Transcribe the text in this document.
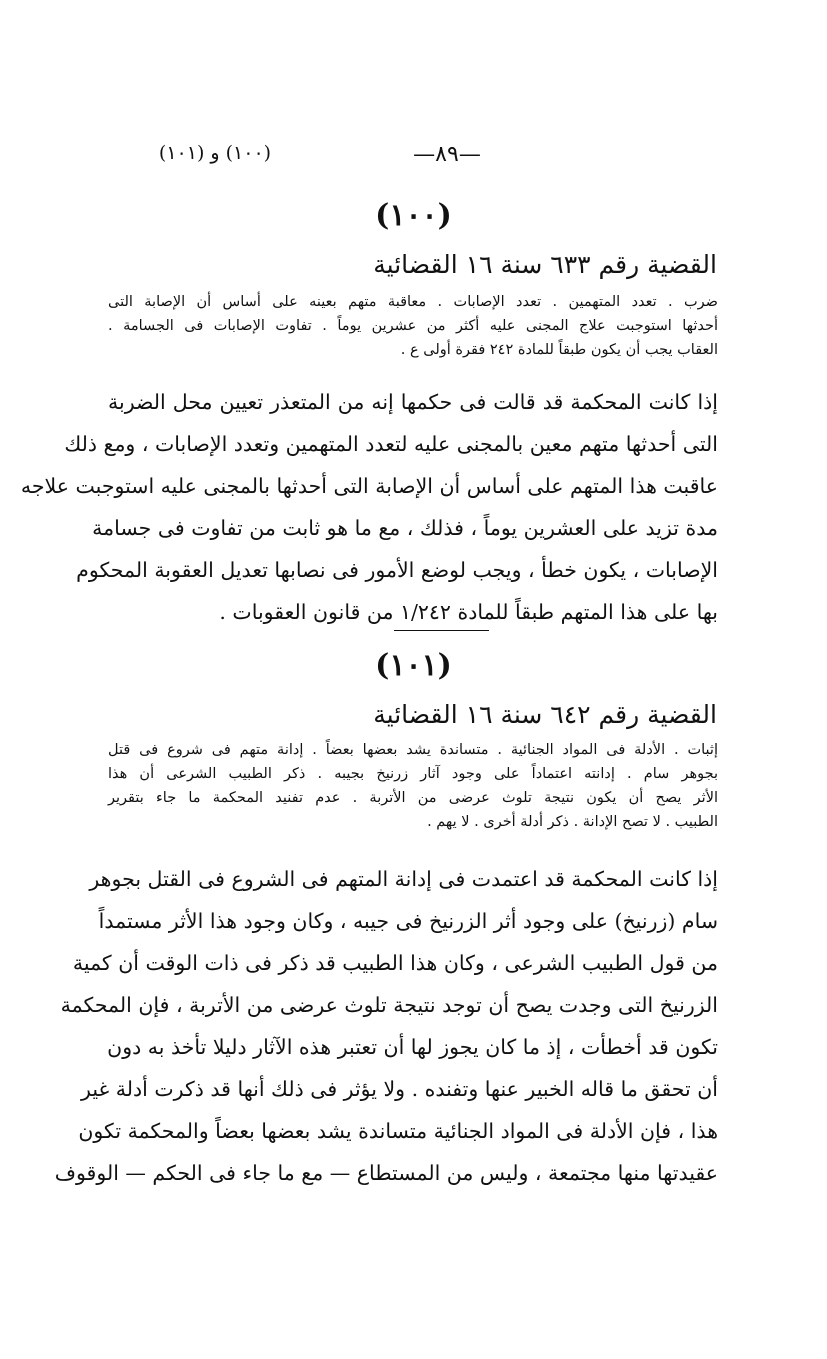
(١٠٠) و (١٠١)	—٨٩—
(١٠٠)
القضية رقم ٦٣٣ سنة ١٦ القضائية
ضرب . تعدد المتهمين . تعدد الإصابات . معاقبة متهم بعينه على أساس أن الإصابة التى
أحدثها استوجبت علاج المجنى عليه أكثر من عشرين يوماً . تفاوت الإصابات فى الجسامة .
العقاب يجب أن يكون طبقاً للمادة ٢٤٢ فقرة أولى ع .
إذا كانت المحكمة قد قالت فى حكمها إنه من المتعذر تعيين محل الضربة
التى أحدثها متهم معين بالمجنى عليه لتعدد المتهمين وتعدد الإصابات ، ومع ذلك
عاقبت هذا المتهم على أساس أن الإصابة التى أحدثها بالمجنى عليه استوجبت علاجه
مدة تزيد على العشرين يوماً ، فذلك ، مع ما هو ثابت من تفاوت فى جسامة
الإصابات ، يكون خطأ ، ويجب لوضع الأمور فى نصابها تعديل العقوبة المحكوم
بها على هذا المتهم طبقاً للمادة ١/٢٤٢ من قانون العقوبات .
(١٠١)
القضية رقم ٦٤٢ سنة ١٦ القضائية
إثبات . الأدلة فى المواد الجنائية . متساندة يشد بعضها بعضاً . إدانة متهم فى شروع فى قتل
بجوهر سام . إدانته اعتماداً على وجود آثار زرنيخ بجيبه . ذكر الطبيب الشرعى أن هذا
الأثر يصح أن يكون نتيجة تلوث عرضى من الأتربة . عدم تفنيد المحكمة ما جاء بتقرير
الطبيب . لا تصح الإدانة . ذكر أدلة أخرى . لا يهم .
إذا كانت المحكمة قد اعتمدت فى إدانة المتهم فى الشروع فى القتل بجوهر
سام (زرنيخ) على وجود أثر الزرنيخ فى جيبه ، وكان وجود هذا الأثر مستمداً
من قول الطبيب الشرعى ، وكان هذا الطبيب قد ذكر فى ذات الوقت أن كمية
الزرنيخ التى وجدت يصح أن توجد نتيجة تلوث عرضى من الأتربة ، فإن المحكمة
تكون قد أخطأت ، إذ ما كان يجوز لها أن تعتبر هذه الآثار دليلا تأخذ به دون
أن تحقق ما قاله الخبير عنها وتفنده . ولا يؤثر فى ذلك أنها قد ذكرت أدلة غير
هذا ، فإن الأدلة فى المواد الجنائية متساندة يشد بعضها بعضاً والمحكمة تكون
عقيدتها منها مجتمعة ، وليس من المستطاع — مع ما جاء فى الحكم — الوقوف
